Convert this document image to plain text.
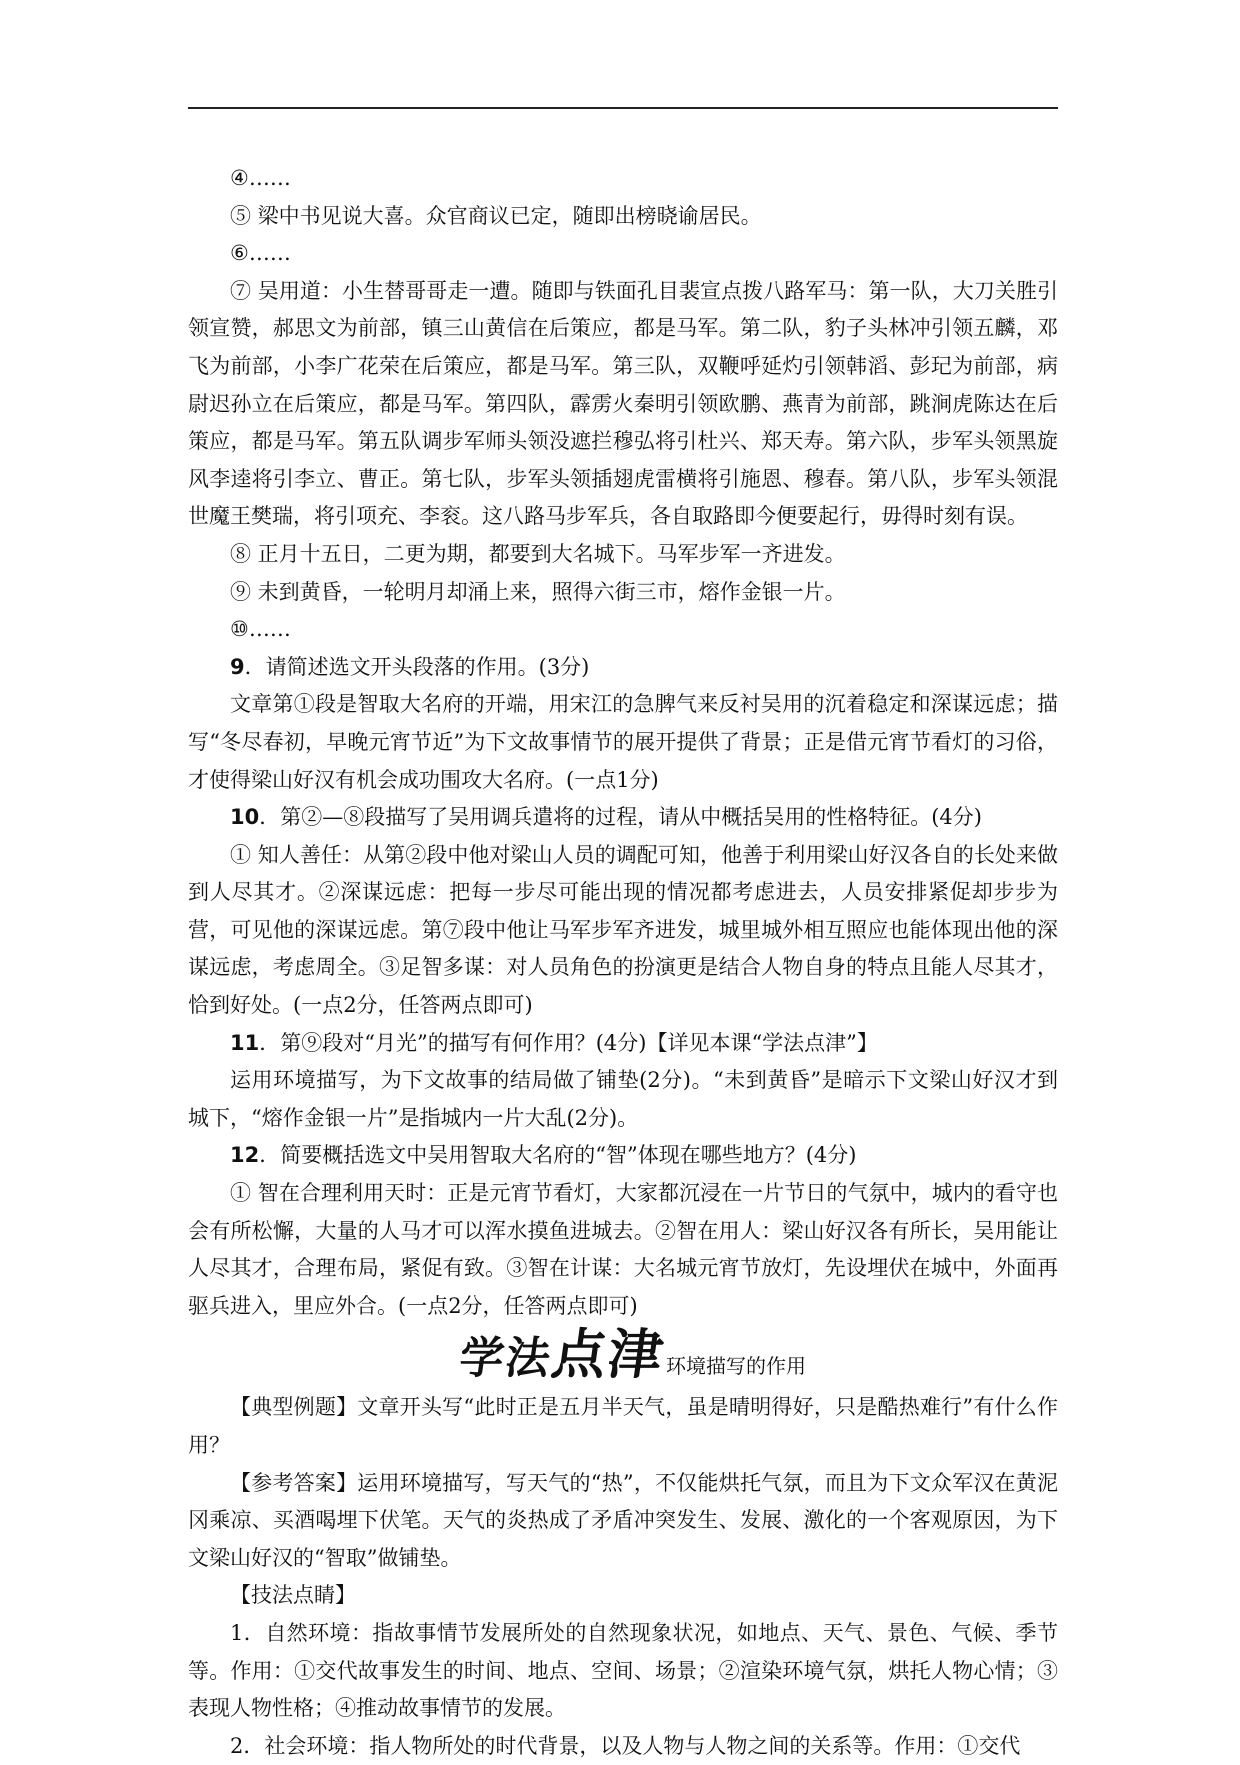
④……

⑤ 梁中书见说大喜。众官商议已定，随即出榜晓谕居民。

⑥……

⑦ 吴用道：小生替哥哥走一遭。随即与铁面孔目裴宣点拨八路军马：第一队，大刀关胜引领宣赞，郝思文为前部，镇三山黄信在后策应，都是马军。第二队，豹子头林冲引领五麟，邓飞为前部，小李广花荣在后策应，都是马军。第三队，双鞭呼延灼引领韩滔、彭玘为前部，病尉迟孙立在后策应，都是马军。第四队，霹雳火秦明引领欧鹏、燕青为前部，跳涧虎陈达在后策应，都是马军。第五队调步军师头领没遮拦穆弘将引杜兴、郑天寿。第六队，步军头领黑旋风李逵将引李立、曹正。第七队，步军头领插翅虎雷横将引施恩、穆春。第八队，步军头领混世魔王樊瑞，将引项充、李衮。这八路马步军兵，各自取路即今便要起行，毋得时刻有误。

⑧ 正月十五日，二更为期，都要到大名城下。马军步军一齐进发。

⑨ 未到黄昏，一轮明月却涌上来，照得六街三市，熔作金银一片。

⑩……

9．请简述选文开头段落的作用。(3分)

文章第①段是智取大名府的开端，用宋江的急脾气来反衬吴用的沉着稳定和深谋远虑；描写“冬尽春初，早晚元宵节近”为下文故事情节的展开提供了背景；正是借元宵节看灯的习俗，才使得梁山好汉有机会成功围攻大名府。(一点1分)

10．第②—⑧段描写了吴用调兵遣将的过程，请从中概括吴用的性格特征。(4分)

① 知人善任：从第②段中他对梁山人员的调配可知，他善于利用梁山好汉各自的长处来做到人尽其才。②深谋远虑：把每一步尽可能出现的情况都考虑进去，人员安排紧促却步步为营，可见他的深谋远虑。第⑦段中他让马军步军齐进发，城里城外相互照应也能体现出他的深谋远虑，考虑周全。③足智多谋：对人员角色的扮演更是结合人物自身的特点且能人尽其才，恰到好处。(一点2分，任答两点即可)

11．第⑨段对“月光”的描写有何作用？(4分)【详见本课“学法点津”】

运用环境描写，为下文故事的结局做了铺垫(2分)。“未到黄昏”是暗示下文梁山好汉才到城下，“熔作金银一片”是指城内一片大乱(2分)。

12．简要概括选文中吴用智取大名府的“智”体现在哪些地方？(4分)

① 智在合理利用天时：正是元宵节看灯，大家都沉浸在一片节日的气氛中，城内的看守也会有所松懈，大量的人马才可以浑水摸鱼进城去。②智在用人：梁山好汉各有所长，吴用能让人尽其才，合理布局，紧促有致。③智在计谋：大名城元宵节放灯，先设埋伏在城中，外面再驱兵进入，里应外合。(一点2分，任答两点即可)

学法点津
环境描写的作用

【典型例题】文章开头写“此时正是五月半天气，虽是晴明得好，只是酷热难行”有什么作用？

【参考答案】运用环境描写，写天气的“热”，不仅能烘托气氛，而且为下文众军汉在黄泥冈乘凉、买酒喝埋下伏笔。天气的炎热成了矛盾冲突发生、发展、激化的一个客观原因，为下文梁山好汉的“智取”做铺垫。

【技法点睛】

1．自然环境：指故事情节发展所处的自然现象状况，如地点、天气、景色、气候、季节等。作用：①交代故事发生的时间、地点、空间、场景；②渲染环境气氛，烘托人物心情；③表现人物性格；④推动故事情节的发展。

2．社会环境：指人物所处的时代背景，以及人物与人物之间的关系等。作用：①交代
